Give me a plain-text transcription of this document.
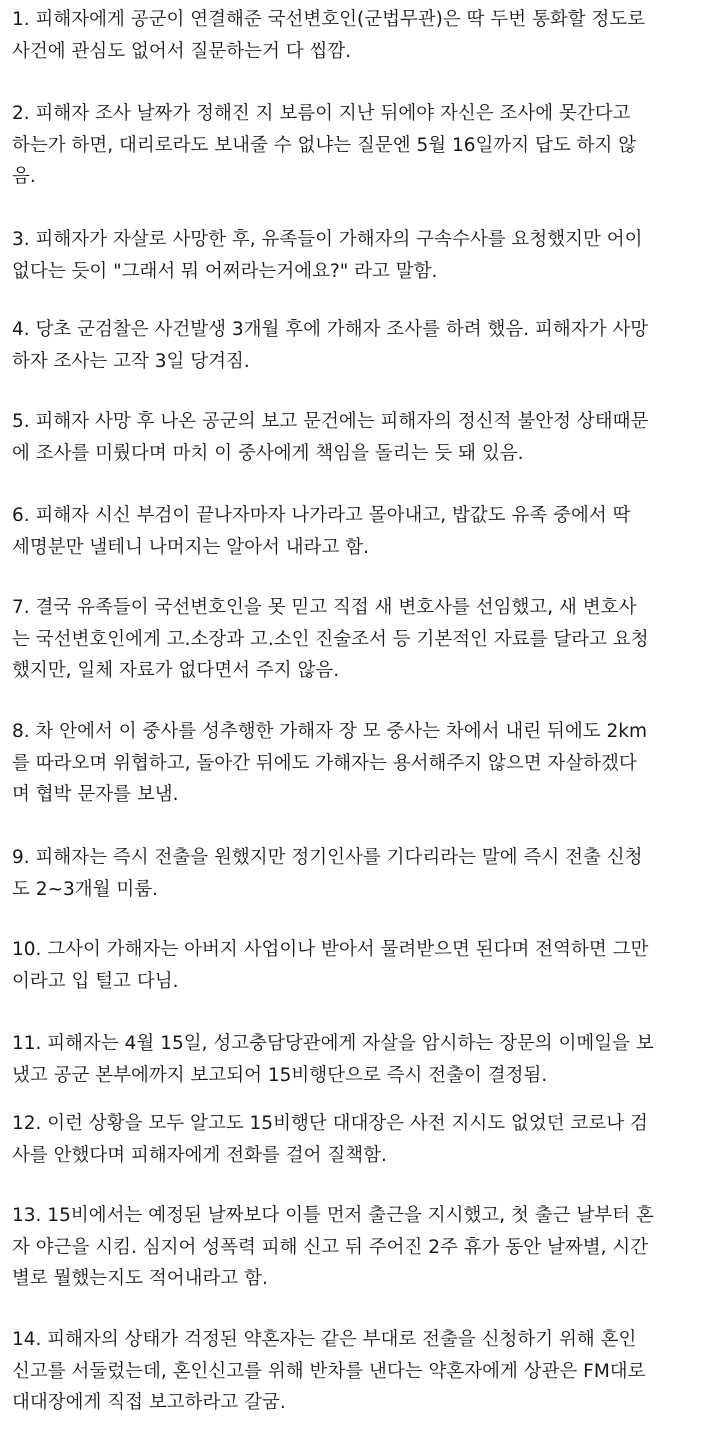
1. 피해자에게 공군이 연결해준 국선변호인(군법무관)은 딱 두번 통화할 정도로
사건에 관심도 없어서 질문하는거 다 씹깜.

2. 피해자 조사 날짜가 정해진 지 보름이 지난 뒤에야 자신은 조사에 못간다고
하는가 하면, 대리로라도 보내줄 수 없냐는 질문엔 5월 16일까지 답도 하지 않
음.

3. 피해자가 자살로 사망한 후, 유족들이 가해자의 구속수사를 요청했지만 어이
없다는 듯이 "그래서 뭐 어쩌라는거에요?" 라고 말함.

4. 당초 군검찰은 사건발생 3개월 후에 가해자 조사를 하려 했음. 피해자가 사망
하자 조사는 고작 3일 당겨짐.

5. 피해자 사망 후 나온 공군의 보고 문건에는 피해자의 정신적 불안정 상태때문
에 조사를 미뤘다며 마치 이 중사에게 책임을 돌리는 듯 돼 있음.

6. 피해자 시신 부검이 끝나자마자 나가라고 몰아내고, 밥값도 유족 중에서 딱
세명분만 낼테니 나머지는 알아서 내라고 함.

7. 결국 유족들이 국선변호인을 못 믿고 직접 새 변호사를 선임했고, 새 변호사
는 국선변호인에게 고.소장과 고.소인 진술조서 등 기본적인 자료를 달라고 요청
했지만, 일체 자료가 없다면서 주지 않음.

8. 차 안에서 이 중사를 성추행한 가해자 장 모 중사는 차에서 내린 뒤에도 2km
를 따라오며 위협하고, 돌아간 뒤에도 가해자는 용서해주지 않으면 자살하겠다
며 협박 문자를 보냄.

9. 피해자는 즉시 전출을 원했지만 정기인사를 기다리라는 말에 즉시 전출 신청
도 2~3개월 미룸.

10. 그사이 가해자는 아버지 사업이나 받아서 물려받으면 된다며 전역하면 그만
이라고 입 털고 다님.

11. 피해자는 4월 15일, 성고충담당관에게 자살을 암시하는 장문의 이메일을 보
냈고 공군 본부에까지 보고되어 15비행단으로 즉시 전출이 결정됨.

12. 이런 상황을 모두 알고도 15비행단 대대장은 사전 지시도 없었던 코로나 검
사를 안했다며 피해자에게 전화를 걸어 질책함.

13. 15비에서는 예정된 날짜보다 이틀 먼저 출근을 지시했고, 첫 출근 날부터 혼
자 야근을 시킴. 심지어 성폭력 피해 신고 뒤 주어진 2주 휴가 동안 날짜별, 시간
별로 뭘했는지도 적어내라고 함.

14. 피해자의 상태가 걱정된 약혼자는 같은 부대로 전출을 신청하기 위해 혼인
신고를 서둘렀는데, 혼인신고를 위해 반차를 낸다는 약혼자에게 상관은 FM대로
대대장에게 직접 보고하라고 갈굼.
